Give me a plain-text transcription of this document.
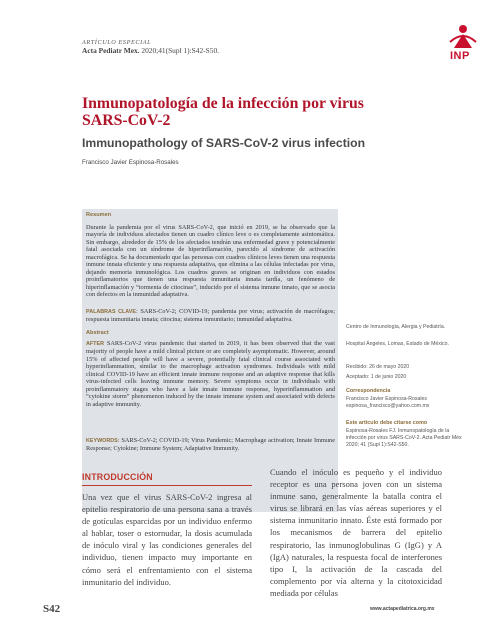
ARTÍCULO ESPECIAL
Acta Pediatr Mex. 2020;41(Supl 1):S42-S50.	INP
Inmunopatología de la infección por virus SARS-CoV-2
Immunopathology of SARS-CoV-2 virus infection
Francisco Javier Espinosa-Rosales
Resumen
Durante la pandemia por el virus SARS-CoV-2, que inició en 2019, se ha observado que la mayoría de individuos afectados tienen un cuadro clínico leve o es completamente asintomática. Sin embargo, alrededor de 15% de los afectados tendrán una enfermedad grave y potencialmente fatal asociada con un síndrome de hiperinflamación, parecido al síndrome de activación macrofágica. Se ha documentado que las personas con cuadros clínicos leves tienen una respuesta inmune innata eficiente y una respuesta adaptativa, que elimina a las células infectadas por virus, dejando memoria inmunológica. Los cuadros graves se originan en individuos con estados proinflamatorios que tienen una respuesta inmunitaria innata tardía, un fenómeno de hiperinflamación y “tormenta de citocinas”, inducido por el sistema inmune innato, que se asocia con defectos en la inmunidad adaptativa.
PALABRAS CLAVE: SARS-CoV-2; COVID-19; pandemia por virus; activación de macrófagos; respuesta inmunitaria innata; citocina; sistema inmunitario; inmunidad adaptativa.
Abstract
AFTER SARS-CoV-2 virus pandemic that started in 2019, it has been observed that the vast majority of people have a mild clinical picture or are completely asymptomatic. However, around 15% of affected people will have a severe, potentially fatal clinical course associated with hyperinflammation, similar to the macrophage activation syndromes. Individuals with mild clinical COVID-19 have an efficient innate immune response and an adaptive response that kills virus-infected cells leaving immune memory. Severe symptoms occur in individuals with proinflammatory stages who have a late innate immune response, hyperinflammation and “cytokine storm” phenomenon induced by the innate immune system and associated with defects in adaptive immunity.
KEYWORDS: SARS-CoV-2; COVID-19; Virus Pandemic; Macrophage activation; Innate Immune Response; Cytokine; Immune System; Adaptative Immunity.
Centro de Inmunología, Alergia y Pediatría.
Hospital Ángeles, Lomas, Estado de México.
Recibido: 26 de mayo 2020
Aceptado: 1 de junio 2020
Correspondencia
Francisco Javier Espinosa-Rosales
espinosa_francisco@yahoo.com.mx
Este artículo debe citarse como
Espinosa-Rosales FJ. Inmunopatología de la infección por virus SARS-CoV-2. Acta Pediatr Méx 2020; 41 (Supl 1):S42-S50.
INTRODUCCIÓN
Una vez que el virus SARS-CoV-2 ingresa al epitelio respiratorio de una persona sana a través de gotículas esparcidas por un individuo enfermo al hablar, toser o estornudar, la dosis acumulada de inóculo viral y las condiciones generales del individuo, tienen impacto muy importante en cómo será el enfrentamiento con el sistema inmunitario del individuo.
Cuando el inóculo es pequeño y el individuo receptor es una persona joven con un sistema inmune sano, generalmente la batalla contra el virus se librará en las vías aéreas superiores y el sistema inmunitario innato. Éste está formado por los mecanismos de barrera del epitelio respiratorio, las inmunoglobulinas G (IgG) y A (IgA) naturales, la respuesta focal de interferones tipo I, la activación de la cascada del complemento por vía alterna y la citotoxicidad mediada por células
S42	www.actapediatrica.org.mx
